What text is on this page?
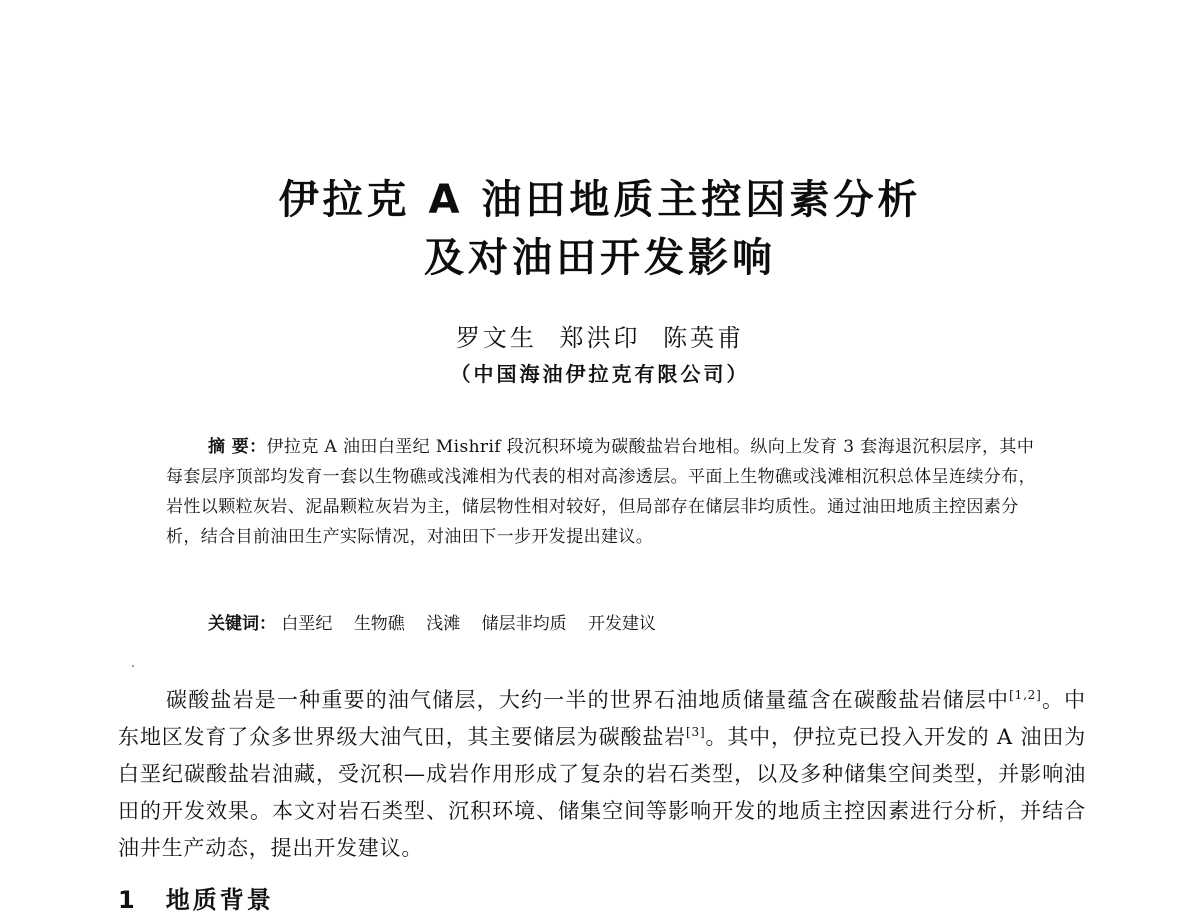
伊拉克 A 油田地质主控因素分析
及对油田开发影响
罗文生 郑洪印 陈英甫
（中国海油伊拉克有限公司）

摘 要：伊拉克 A 油田白垩纪 Mishrif 段沉积环境为碳酸盐岩台地相。纵向上发育 3 套海退沉积层序，其中每套层序顶部均发育一套以生物礁或浅滩相为代表的相对高渗透层。平面上生物礁或浅滩相沉积总体呈连续分布，岩性以颗粒灰岩、泥晶颗粒灰岩为主，储层物性相对较好，但局部存在储层非均质性。通过油田地质主控因素分析，结合目前油田生产实际情况，对油田下一步开发提出建议。

关键词： 白垩纪 生物礁 浅滩 储层非均质 开发建议

碳酸盐岩是一种重要的油气储层，大约一半的世界石油地质储量蕴含在碳酸盐岩储层中[1,2]。中东地区发育了众多世界级大油气田，其主要储层为碳酸盐岩[3]。其中，伊拉克已投入开发的 A 油田为白垩纪碳酸盐岩油藏，受沉积—成岩作用形成了复杂的岩石类型，以及多种储集空间类型，并影响油田的开发效果。本文对岩石类型、沉积环境、储集空间等影响开发的地质主控因素进行分析，并结合油井生产动态，提出开发建议。

1 地质背景
